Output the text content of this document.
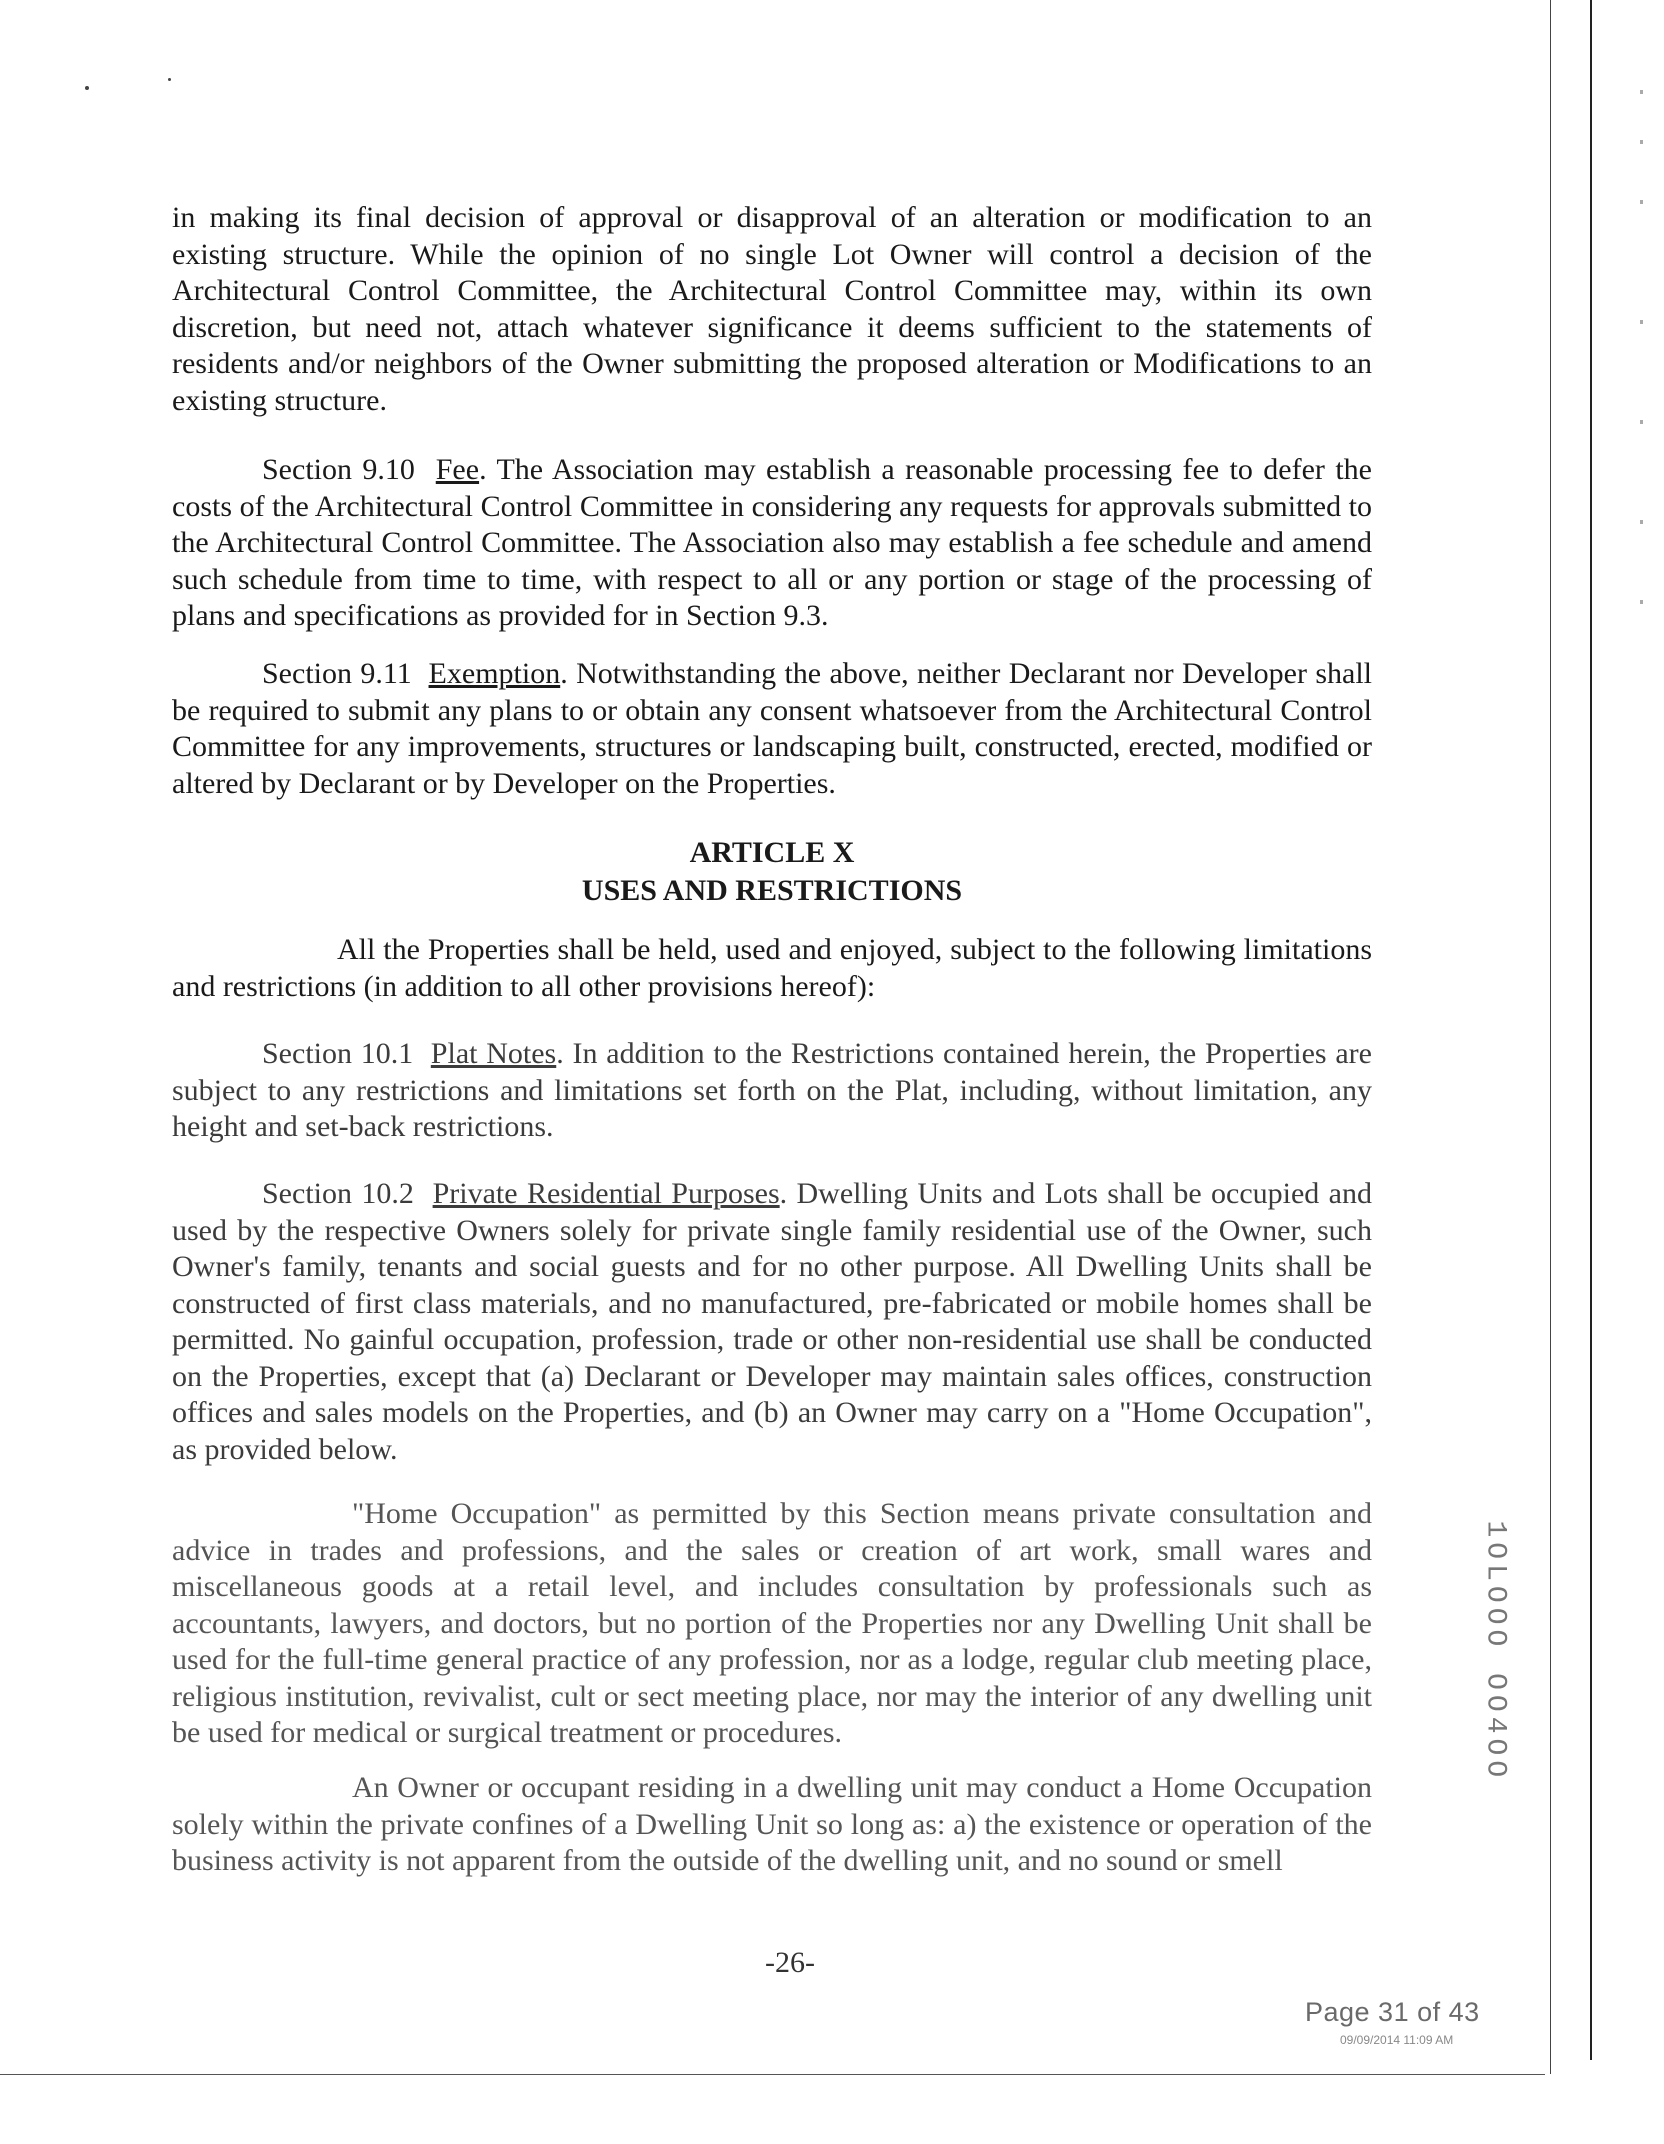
in making its final decision of approval or disapproval of an alteration or modification to an existing structure. While the opinion of no single Lot Owner will control a decision of the Architectural Control Committee, the Architectural Control Committee may, within its own discretion, but need not, attach whatever significance it deems sufficient to the statements of residents and/or neighbors of the Owner submitting the proposed alteration or Modifications to an existing structure.

Section 9.10 Fee. The Association may establish a reasonable processing fee to defer the costs of the Architectural Control Committee in considering any requests for approvals submitted to the Architectural Control Committee. The Association also may establish a fee schedule and amend such schedule from time to time, with respect to all or any portion or stage of the processing of plans and specifications as provided for in Section 9.3.

Section 9.11 Exemption. Notwithstanding the above, neither Declarant nor Developer shall be required to submit any plans to or obtain any consent whatsoever from the Architectural Control Committee for any improvements, structures or landscaping built, constructed, erected, modified or altered by Declarant or by Developer on the Properties.

ARTICLE X
USES AND RESTRICTIONS

All the Properties shall be held, used and enjoyed, subject to the following limitations and restrictions (in addition to all other provisions hereof):

Section 10.1 Plat Notes. In addition to the Restrictions contained herein, the Properties are subject to any restrictions and limitations set forth on the Plat, including, without limitation, any height and set-back restrictions.

Section 10.2 Private Residential Purposes. Dwelling Units and Lots shall be occupied and used by the respective Owners solely for private single family residential use of the Owner, such Owner's family, tenants and social guests and for no other purpose. All Dwelling Units shall be constructed of first class materials, and no manufactured, pre-fabricated or mobile homes shall be permitted. No gainful occupation, profession, trade or other non-residential use shall be conducted on the Properties, except that (a) Declarant or Developer may maintain sales offices, construction offices and sales models on the Properties, and (b) an Owner may carry on a "Home Occupation", as provided below.

"Home Occupation" as permitted by this Section means private consultation and advice in trades and professions, and the sales or creation of art work, small wares and miscellaneous goods at a retail level, and includes consultation by professionals such as accountants, lawyers, and doctors, but no portion of the Properties nor any Dwelling Unit shall be used for the full-time general practice of any profession, nor as a lodge, regular club meeting place, religious institution, revivalist, cult or sect meeting place, nor may the interior of any dwelling unit be used for medical or surgical treatment or procedures.

An Owner or occupant residing in a dwelling unit may conduct a Home Occupation solely within the private confines of a Dwelling Unit so long as: a) the existence or operation of the business activity is not apparent from the outside of the dwelling unit, and no sound or smell

-26-
Page 31 of 43
09/09/2014 11:09 AM
1OLOOO OO4OO
